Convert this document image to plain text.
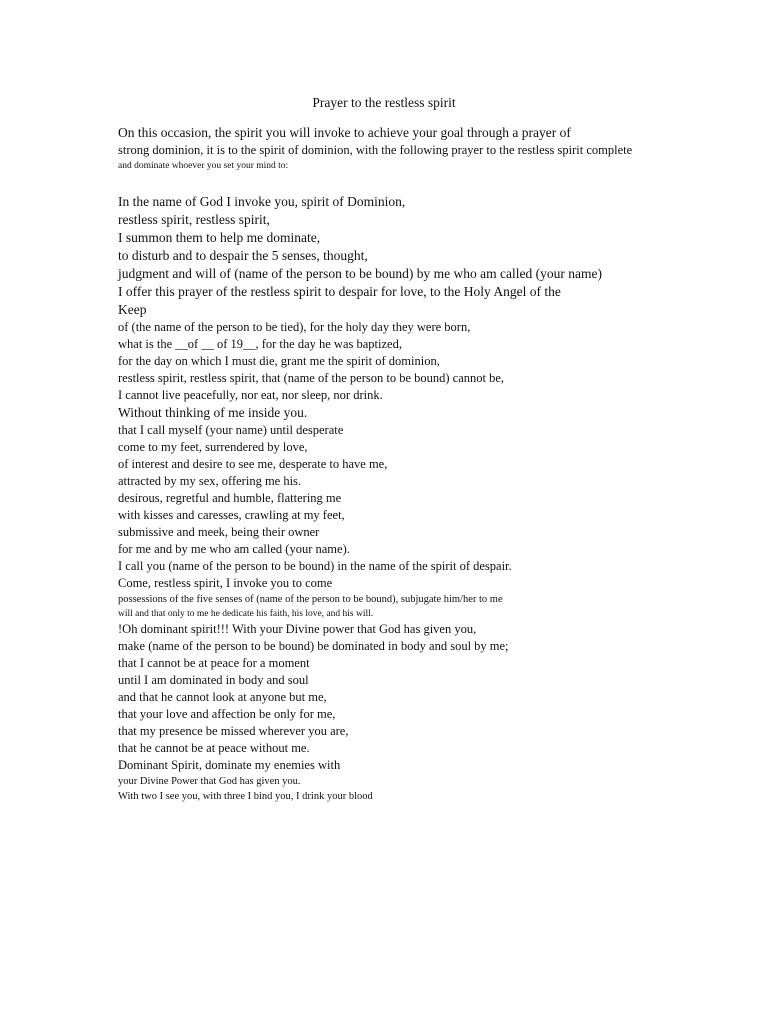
Prayer to the restless spirit
On this occasion, the spirit you will invoke to achieve your goal through a prayer of
strong dominion, it is to the spirit of dominion, with the following prayer to the restless spirit complete
and dominate whoever you set your mind to:
In the name of God I invoke you, spirit of Dominion,
restless spirit, restless spirit,
I summon them to help me dominate,
to disturb and to despair the 5 senses, thought,
judgment and will of (name of the person to be bound) by me who am called (your name)
I offer this prayer of the restless spirit to despair for love, to the Holy Angel of the
Keep
of (the name of the person to be tied), for the holy day they were born,
what is the __of __ of 19__, for the day he was baptized,
for the day on which I must die, grant me the spirit of dominion,
restless spirit, restless spirit, that (name of the person to be bound) cannot be,
I cannot live peacefully, nor eat, nor sleep, nor drink.
Without thinking of me inside you.
that I call myself (your name) until desperate
come to my feet, surrendered by love,
of interest and desire to see me, desperate to have me,
attracted by my sex, offering me his.
desirous, regretful and humble, flattering me
with kisses and caresses, crawling at my feet,
submissive and meek, being their owner
for me and by me who am called (your name).
I call you (name of the person to be bound) in the name of the spirit of despair.
Come, restless spirit, I invoke you to come
possessions of the five senses of (name of the person to be bound), subjugate him/her to me
will and that only to me he dedicate his faith, his love, and his will.
!Oh dominant spirit!!! With your Divine power that God has given you,
make (name of the person to be bound) be dominated in body and soul by me;
that I cannot be at peace for a moment
until I am dominated in body and soul
and that he cannot look at anyone but me,
that your love and affection be only for me,
that my presence be missed wherever you are,
that he cannot be at peace without me.
Dominant Spirit, dominate my enemies with
your Divine Power that God has given you.
With two I see you, with three I bind you, I drink your blood
